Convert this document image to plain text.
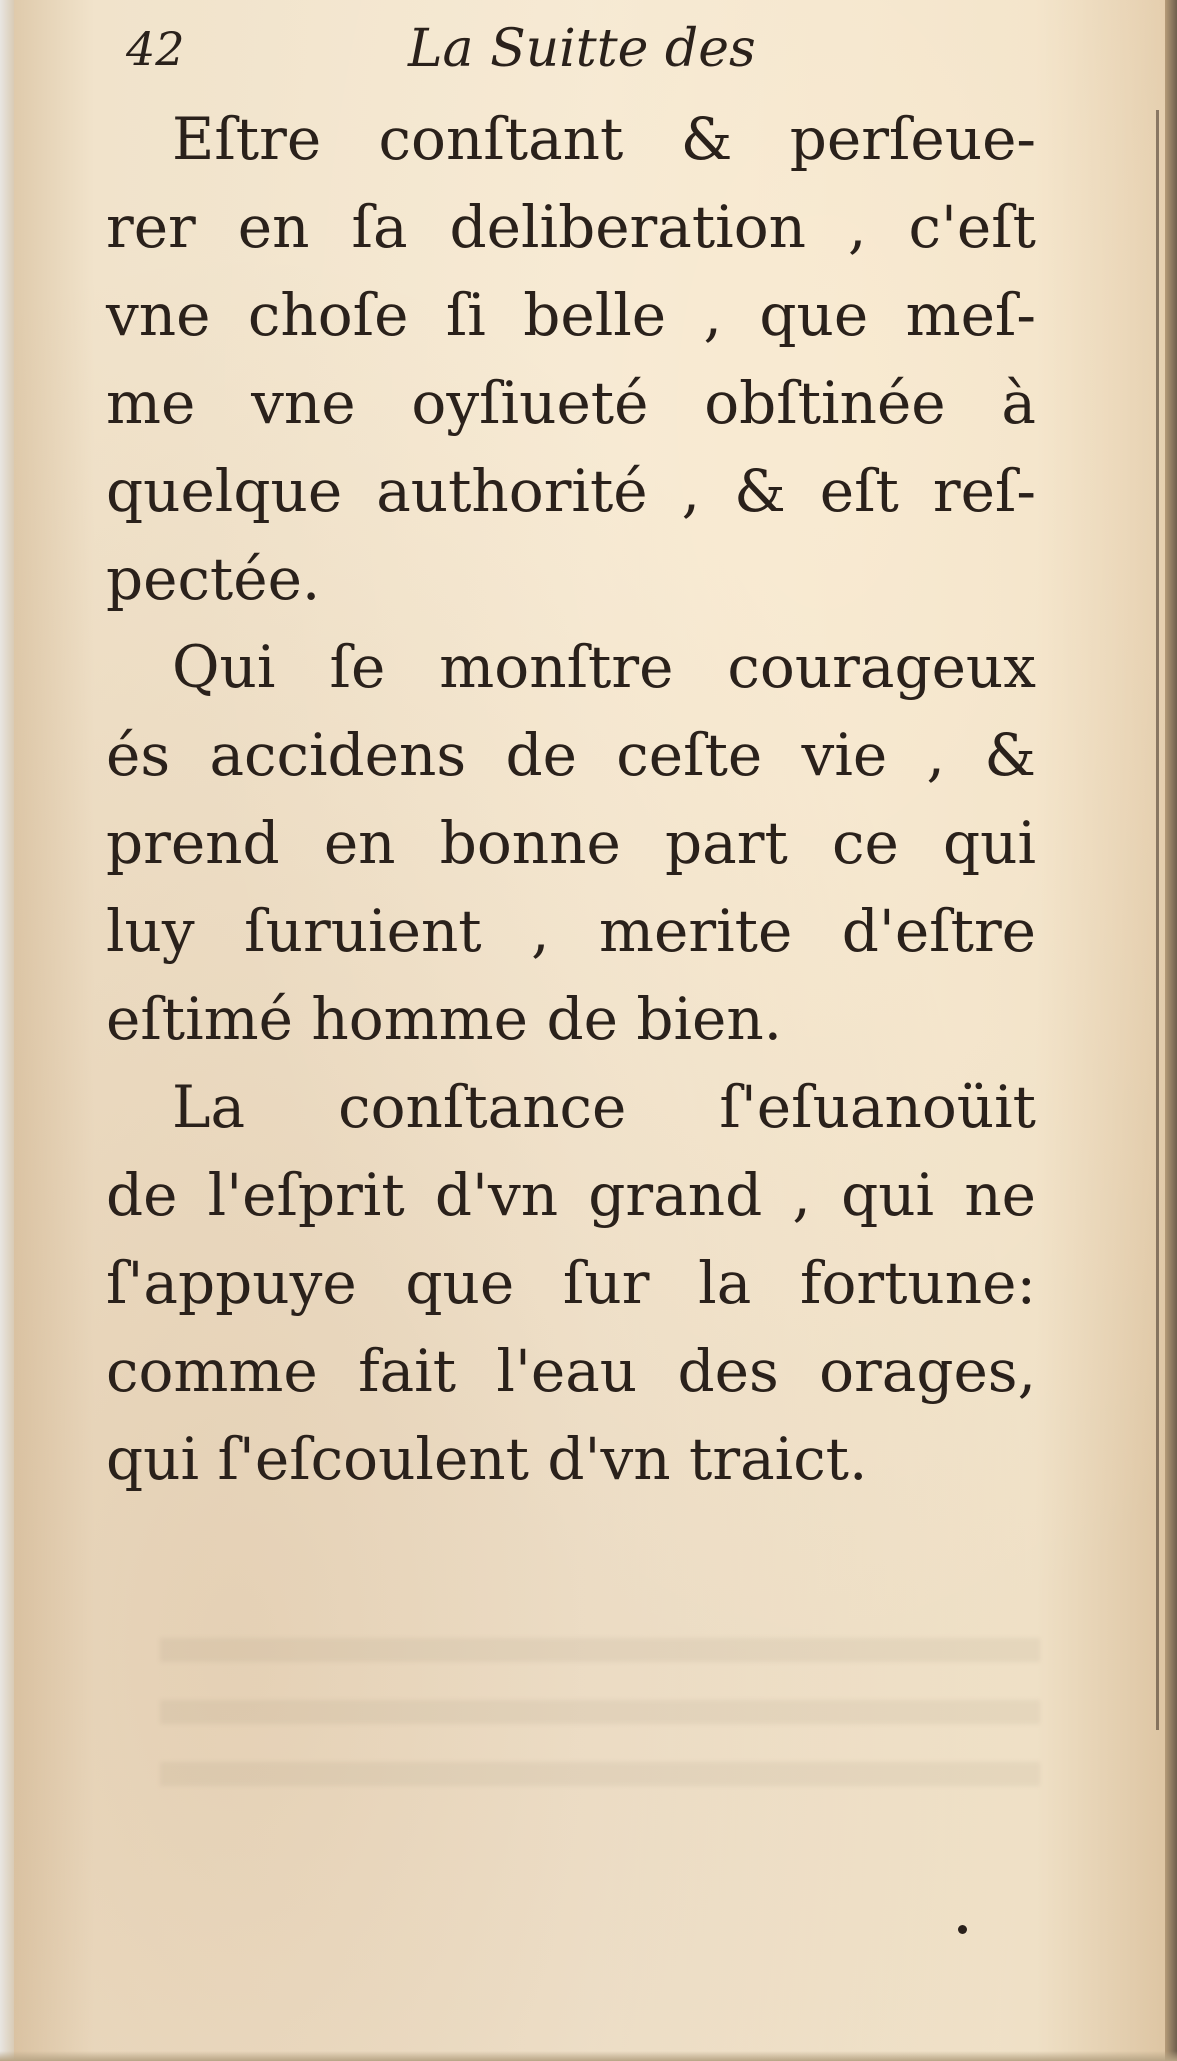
42	La Suitte des

Eſtre conſtant & perſeue-
rer en ſa deliberation , c'eſt
vne choſe ſi belle , que meſ-
me vne oyſiueté obſtinée à
quelque authorité , & eſt reſ-
pectée.

Qui ſe monſtre courageux
és accidens de ceſte vie , &
prend en bonne part ce qui
luy ſuruient , merite d'eſtre
eſtimé homme de bien.

La conſtance ſ'eſuanoüit
de l'eſprit d'vn grand , qui ne
ſ'appuye que ſur la fortune:
comme fait l'eau des orages,
qui ſ'eſcoulent d'vn traict.
